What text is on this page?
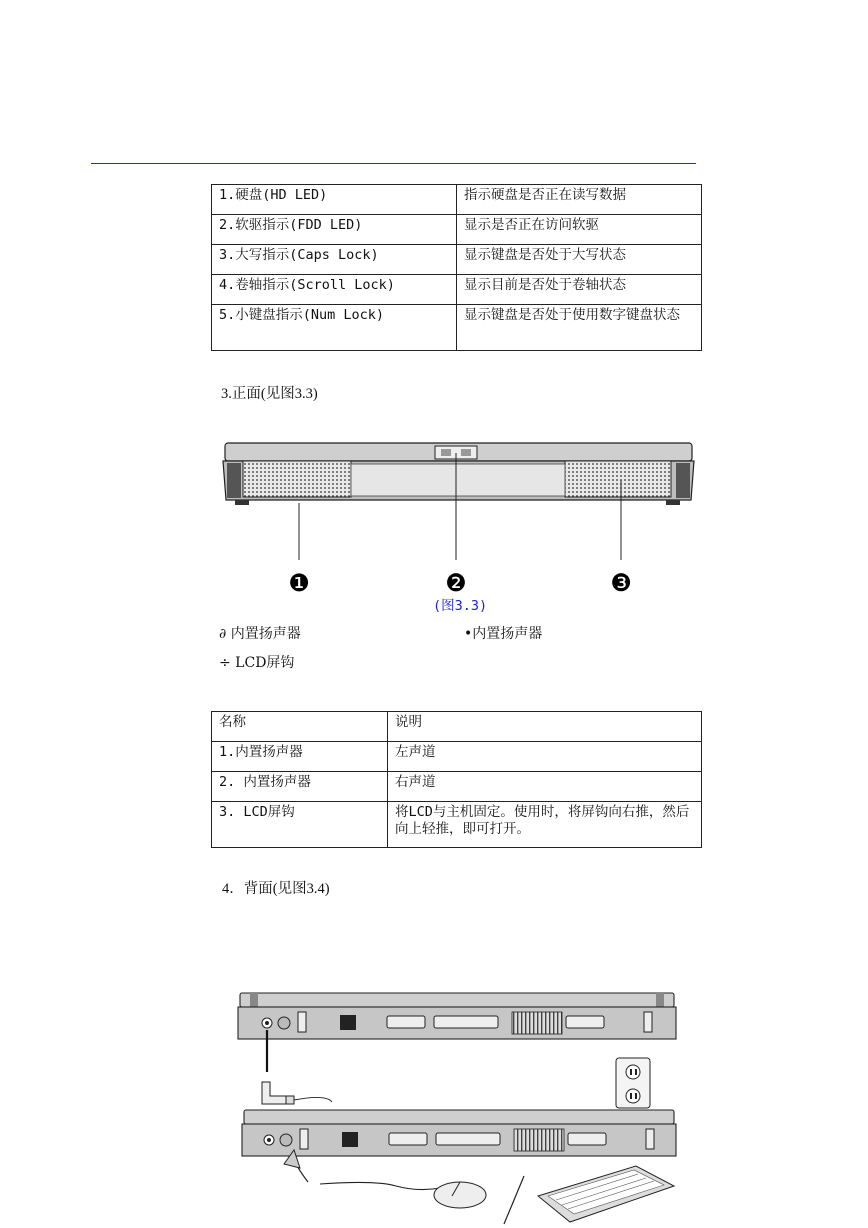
1.硬盘(HD LED)	指示硬盘是否正在读写数据
2.软驱指示(FDD LED)	显示是否正在访问软驱
3.大写指示(Caps Lock)	显示键盘是否处于大写状态
4.卷轴指示(Scroll Lock)	显示目前是否处于卷轴状态
5.小键盘指示(Num Lock)	显示键盘是否处于使用数字键盘状态
3.正面(见图3.3)
❶	❷	❸
(图3.3)
∂ 内置扬声器	•内置扬声器
÷ LCD屏钩
名称	说明
1.内置扬声器	左声道
2. 内置扬声器	右声道
3. LCD屏钩	将LCD与主机固定。使用时，将屏钩向右推，然后向上轻推，即可打开。
4．背面(见图3.4)
